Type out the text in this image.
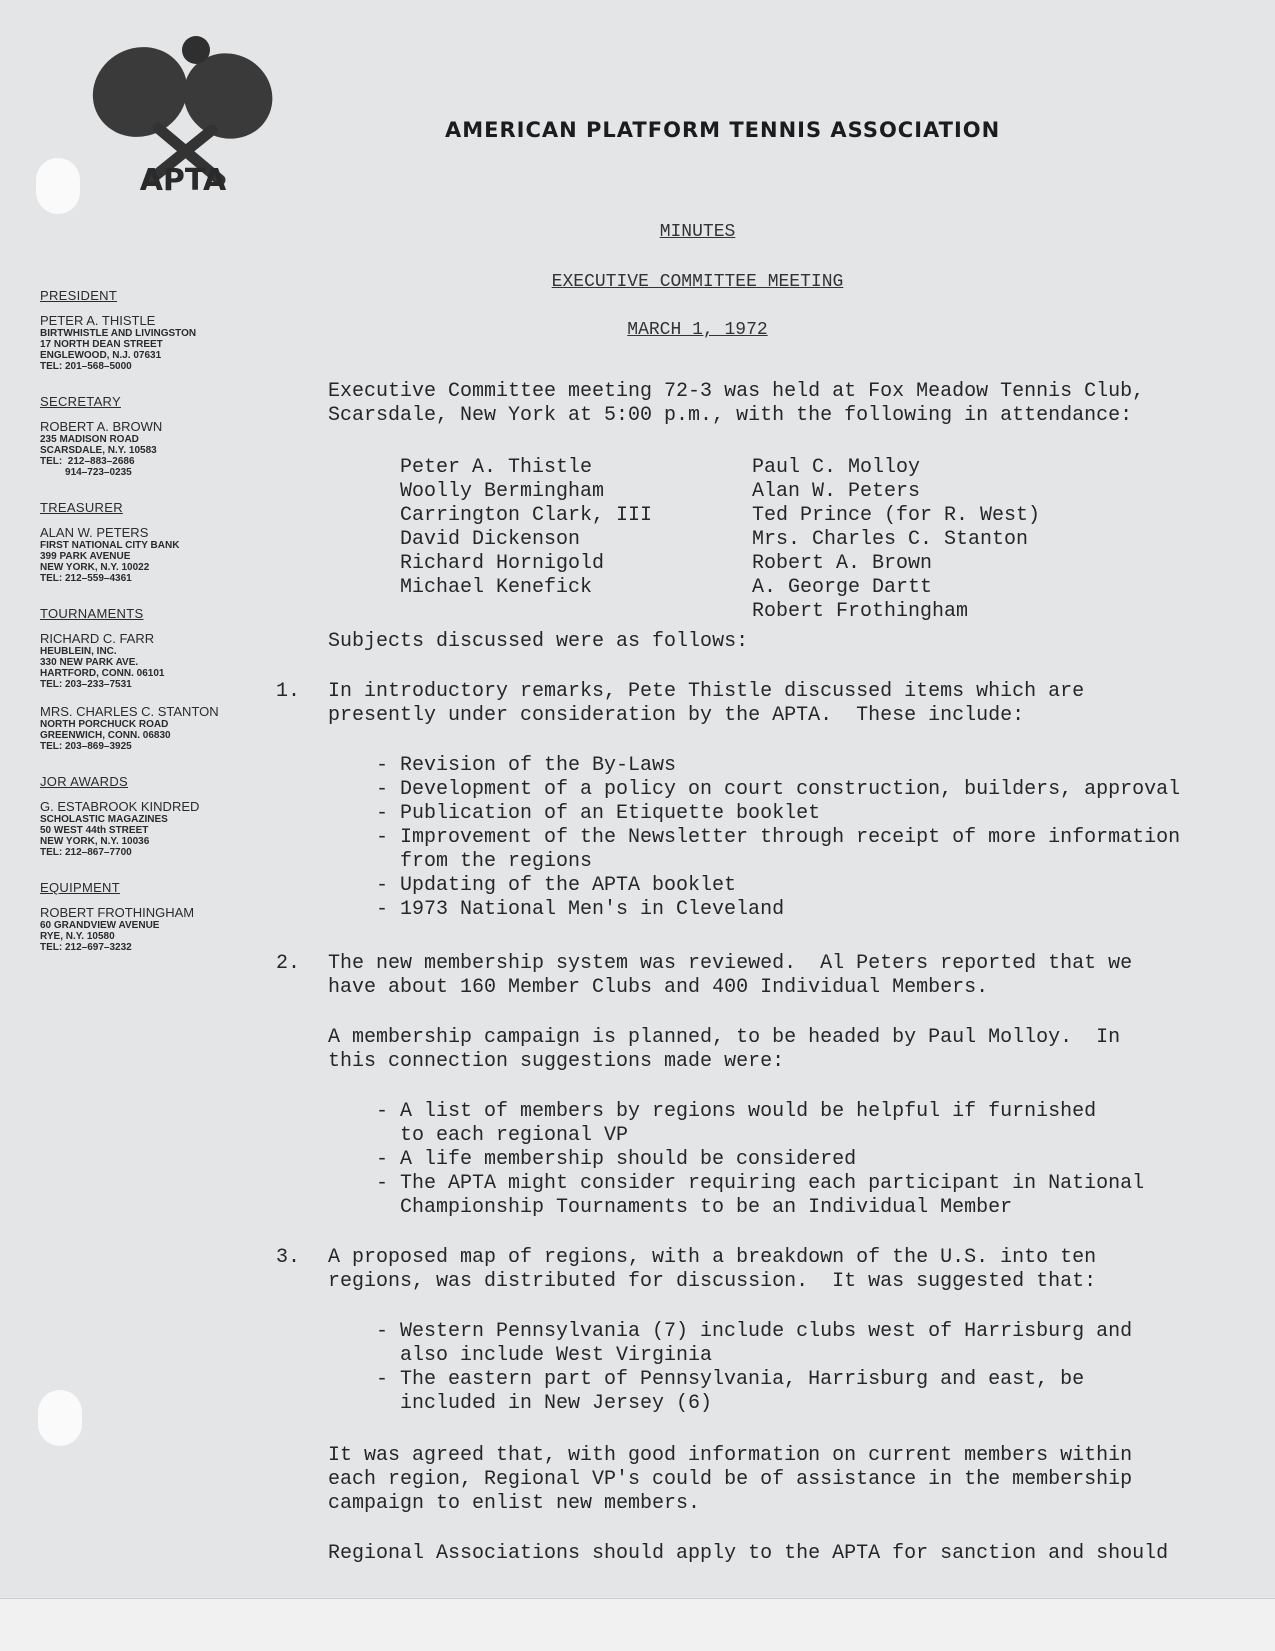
APTA
AMERICAN PLATFORM TENNIS ASSOCIATION
PRESIDENT
PETER A. THISTLE
BIRTWHISTLE AND LIVINGSTON
17 NORTH DEAN STREET
ENGLEWOOD, N.J. 07631
TEL: 201–568–5000
SECRETARY
ROBERT A. BROWN
235 MADISON ROAD
SCARSDALE, N.Y. 10583
TEL:  212–883–2686
914–723–0235
TREASURER
ALAN W. PETERS
FIRST NATIONAL CITY BANK
399 PARK AVENUE
NEW YORK, N.Y. 10022
TEL: 212–559–4361
TOURNAMENTS
RICHARD C. FARR
HEUBLEIN, INC.
330 NEW PARK AVE.
HARTFORD, CONN. 06101
TEL: 203–233–7531
MRS. CHARLES C. STANTON
NORTH PORCHUCK ROAD
GREENWICH, CONN. 06830
TEL: 203–869–3925
JOR AWARDS
G. ESTABROOK KINDRED
SCHOLASTIC MAGAZINES
50 WEST 44th STREET
NEW YORK, N.Y. 10036
TEL: 212–867–7700
EQUIPMENT
ROBERT FROTHINGHAM
60 GRANDVIEW AVENUE
RYE, N.Y. 10580
TEL: 212–697–3232
MINUTES
EXECUTIVE COMMITTEE MEETING
MARCH 1, 1972
Executive Committee meeting 72-3 was held at Fox Meadow Tennis Club,
Scarsdale, New York at 5:00 p.m., with the following in attendance:
Peter A. Thistle
Woolly Bermingham
Carrington Clark, III
David Dickenson
Richard Hornigold
Michael Kenefick
Paul C. Molloy
Alan W. Peters
Ted Prince (for R. West)
Mrs. Charles C. Stanton
Robert A. Brown
A. George Dartt
Robert Frothingham
Subjects discussed were as follows:
1. In introductory remarks, Pete Thistle discussed items which are
presently under consideration by the APTA.  These include:
- Revision of the By-Laws
- Development of a policy on court construction, builders, approval
- Publication of an Etiquette booklet
- Improvement of the Newsletter through receipt of more information
from the regions
- Updating of the APTA booklet
- 1973 National Men's in Cleveland
2. The new membership system was reviewed.  Al Peters reported that we
have about 160 Member Clubs and 400 Individual Members.
A membership campaign is planned, to be headed by Paul Molloy.  In
this connection suggestions made were:
- A list of members by regions would be helpful if furnished
to each regional VP
- A life membership should be considered
- The APTA might consider requiring each participant in National
Championship Tournaments to be an Individual Member
3. A proposed map of regions, with a breakdown of the U.S. into ten
regions, was distributed for discussion.  It was suggested that:
- Western Pennsylvania (7) include clubs west of Harrisburg and
also include West Virginia
- The eastern part of Pennsylvania, Harrisburg and east, be
included in New Jersey (6)
It was agreed that, with good information on current members within
each region, Regional VP's could be of assistance in the membership
campaign to enlist new members.
Regional Associations should apply to the APTA for sanction and should
